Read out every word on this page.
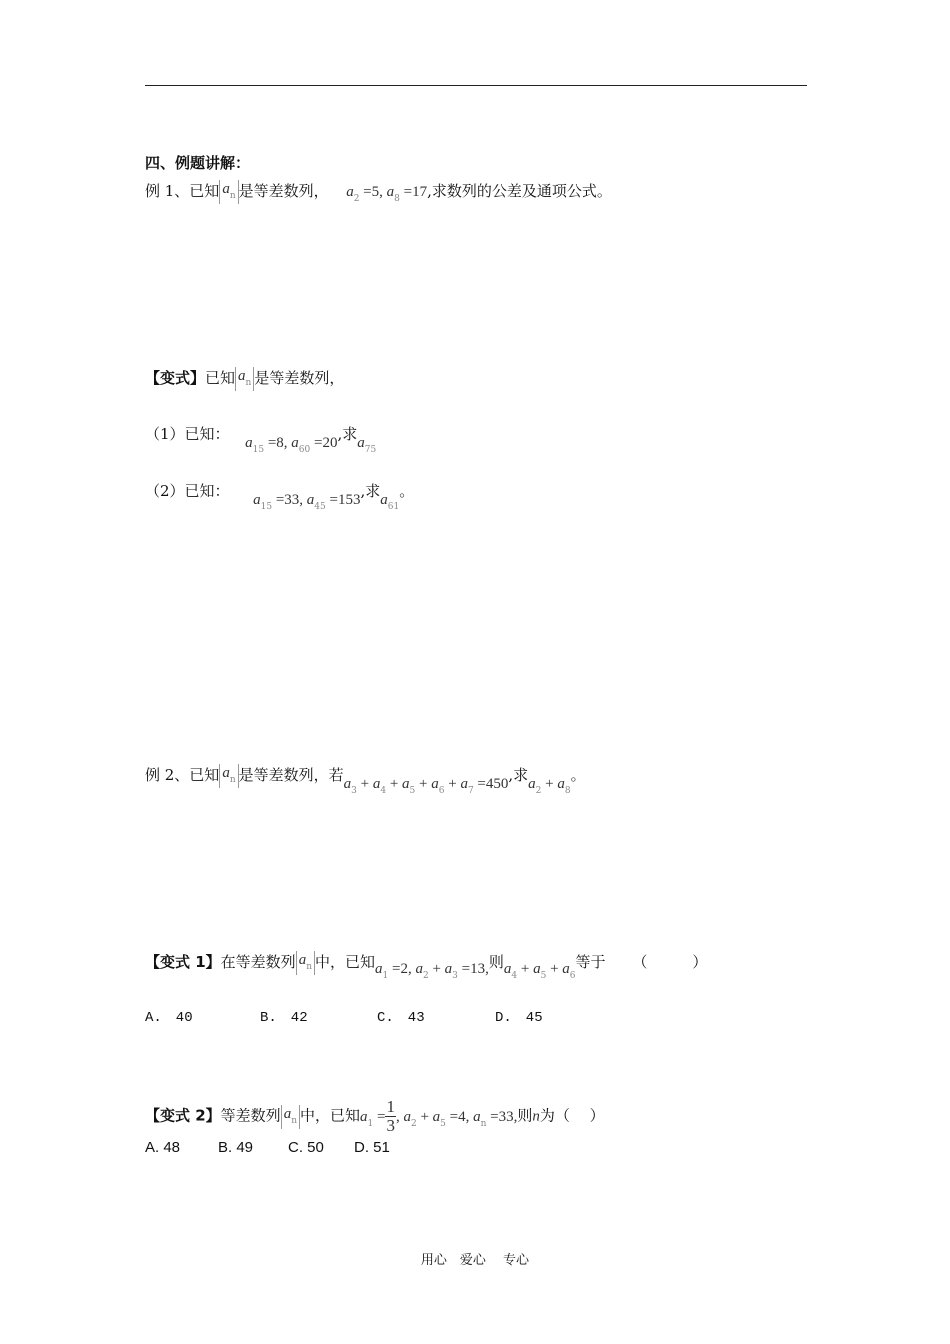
四、例题讲解：
例 1、已知 $a_n$ 是等差数列， $a_2 =5$, $a_8 =17$,求数列的公差及通项公式。
【变式】已知 $a_n$ 是等差数列，
（1）已知： $a_{15} =8$, $a_{60} =20$,求$a_{75}$
（2）已知： $a_{15} =33$, $a_{45} =153$,求$a_{61}$。
例 2、已知 $a_n$ 是等差数列，若$a_3 + a_4 + a_5 + a_6 + a_7 =450$,求$a_2 + a_8$。
【变式 1】在等差数列 $a_n$ 中，已知$a_1 =2$, $a_2 + a_3 =13$,则$a_4 + a_5 + a_6$等于 （　　　）
A.　40	B.　42	C.　43	D.　45
【变式 2】等差数列 $a_n$ 中，已知$a_1 = \frac{1}{3}$ , $a_2 + a_5 =4$, $a_n =33$,则n为（　 ）
A. 48	B. 49 C. 50 D. 51
用心　爱心　 专心
